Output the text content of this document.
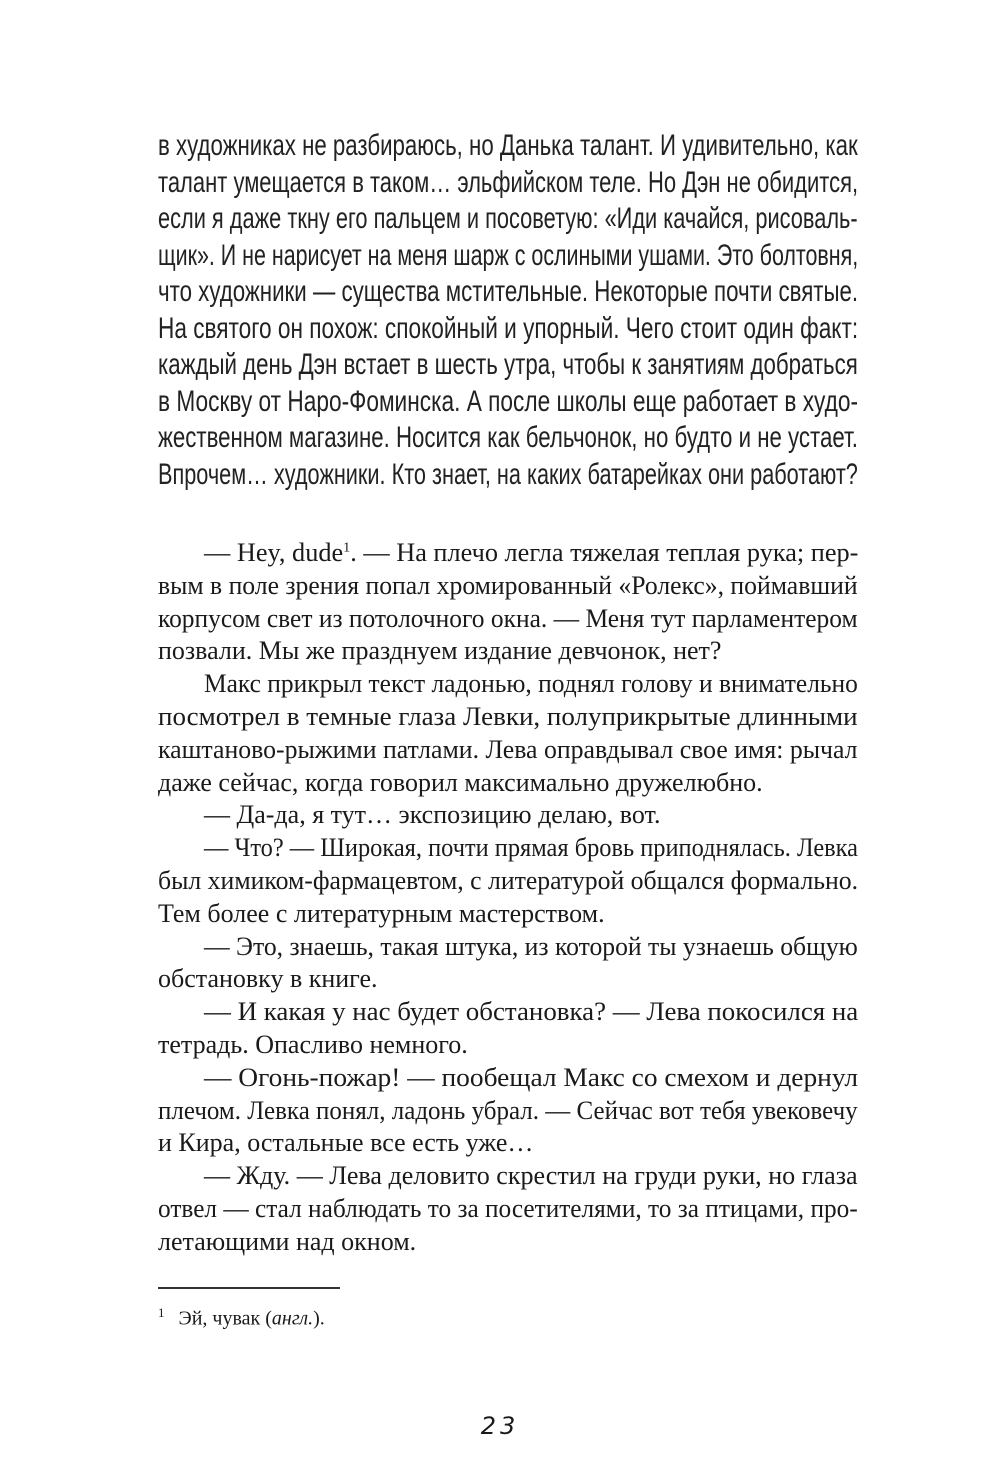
в художниках не разбираюсь, но Данька талант. И удивительно, как
талант умещается в таком… эльфийском теле. Но Дэн не обидится,
если я даже ткну его пальцем и посоветую: «Иди качайся, рисоваль-
щик». И не нарисует на меня шарж с ослиными ушами. Это болтовня,
что художники — существа мстительные. Некоторые почти святые.
На святого он похож: спокойный и упорный. Чего стоит один факт:
каждый день Дэн встает в шесть утра, чтобы к занятиям добраться
в Москву от Наро-Фоминска. А после школы еще работает в худо-
жественном магазине. Носится как бельчонок, но будто и не устает.
Впрочем… художники. Кто знает, на каких батарейках они работают?
— Hey, dude$^1$. — На плечо легла тяжелая теплая рука; пер-
вым в поле зрения попал хромированный «Ролекс», поймавший
корпусом свет из потолочного окна. — Меня тут парламентером
позвали. Мы же празднуем издание девчонок, нет?
Макс прикрыл текст ладонью, поднял голову и внимательно
посмотрел в темные глаза Левки, полуприкрытые длинными
каштаново-рыжими патлами. Лева оправдывал свое имя: рычал
даже сейчас, когда говорил максимально дружелюбно.
— Да-да, я тут… экспозицию делаю, вот.
— Что? — Широкая, почти прямая бровь приподнялась. Левка
был химиком-фармацевтом, с литературой общался формально.
Тем более с литературным мастерством.
— Это, знаешь, такая штука, из которой ты узнаешь общую
обстановку в книге.
— И какая у нас будет обстановка? — Лева покосился на
тетрадь. Опасливо немного.
— Огонь-пожар! — пообещал Макс со смехом и дернул
плечом. Левка понял, ладонь убрал. — Сейчас вот тебя увековечу
и Кира, остальные все есть уже…
— Жду. — Лева деловито скрестил на груди руки, но глаза
отвел — стал наблюдать то за посетителями, то за птицами, про-
летающими над окном.
$^1$ Эй, чувак (англ.).
23
